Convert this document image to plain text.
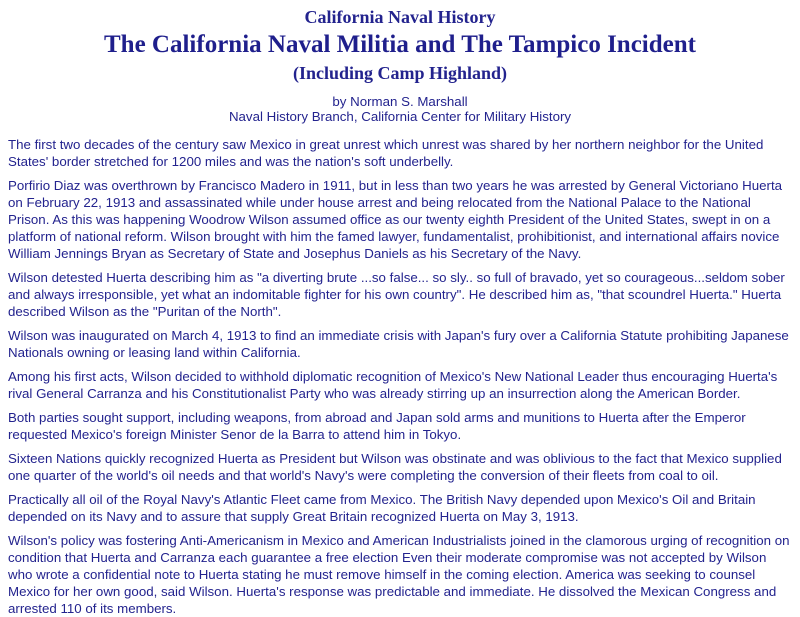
California Naval History
The California Naval Militia and The Tampico Incident
(Including Camp Highland)
by Norman S. Marshall
Naval History Branch, California Center for Military History

The first two decades of the century saw Mexico in great unrest which unrest was shared by her northern neighbor for the United States' border stretched for 1200 miles and was the nation's soft underbelly.

Porfirio Diaz was overthrown by Francisco Madero in 1911, but in less than two years he was arrested by General Victoriano Huerta on February 22, 1913 and assassinated while under house arrest and being relocated from the National Palace to the National Prison. As this was happening Woodrow Wilson assumed office as our twenty eighth President of the United States, swept in on a platform of national reform. Wilson brought with him the famed lawyer, fundamentalist, prohibitionist, and international affairs novice William Jennings Bryan as Secretary of State and Josephus Daniels as his Secretary of the Navy.

Wilson detested Huerta describing him as "a diverting brute ...so false... so sly.. so full of bravado, yet so courageous...seldom sober and always irresponsible, yet what an indomitable fighter for his own country". He described him as, "that scoundrel Huerta." Huerta described Wilson as the "Puritan of the North".

Wilson was inaugurated on March 4, 1913 to find an immediate crisis with Japan's fury over a California Statute prohibiting Japanese Nationals owning or leasing land within California.

Among his first acts, Wilson decided to withhold diplomatic recognition of Mexico's New National Leader thus encouraging Huerta's rival General Carranza and his Constitutionalist Party who was already stirring up an insurrection along the American Border.

Both parties sought support, including weapons, from abroad and Japan sold arms and munitions to Huerta after the Emperor requested Mexico's foreign Minister Senor de la Barra to attend him in Tokyo.

Sixteen Nations quickly recognized Huerta as President but Wilson was obstinate and was oblivious to the fact that Mexico supplied one quarter of the world's oil needs and that world's Navy's were completing the conversion of their fleets from coal to oil.

Practically all oil of the Royal Navy's Atlantic Fleet came from Mexico. The British Navy depended upon Mexico's Oil and Britain depended on its Navy and to assure that supply Great Britain recognized Huerta on May 3, 1913.

Wilson's policy was fostering Anti-Americanism in Mexico and American Industrialists joined in the clamorous urging of recognition on condition that Huerta and Carranza each guarantee a free election Even their moderate compromise was not accepted by Wilson who wrote a confidential note to Huerta stating he must remove himself in the coming election. America was seeking to counsel Mexico for her own good, said Wilson. Huerta's response was predictable and immediate. He dissolved the Mexican Congress and arrested 110 of its members.
